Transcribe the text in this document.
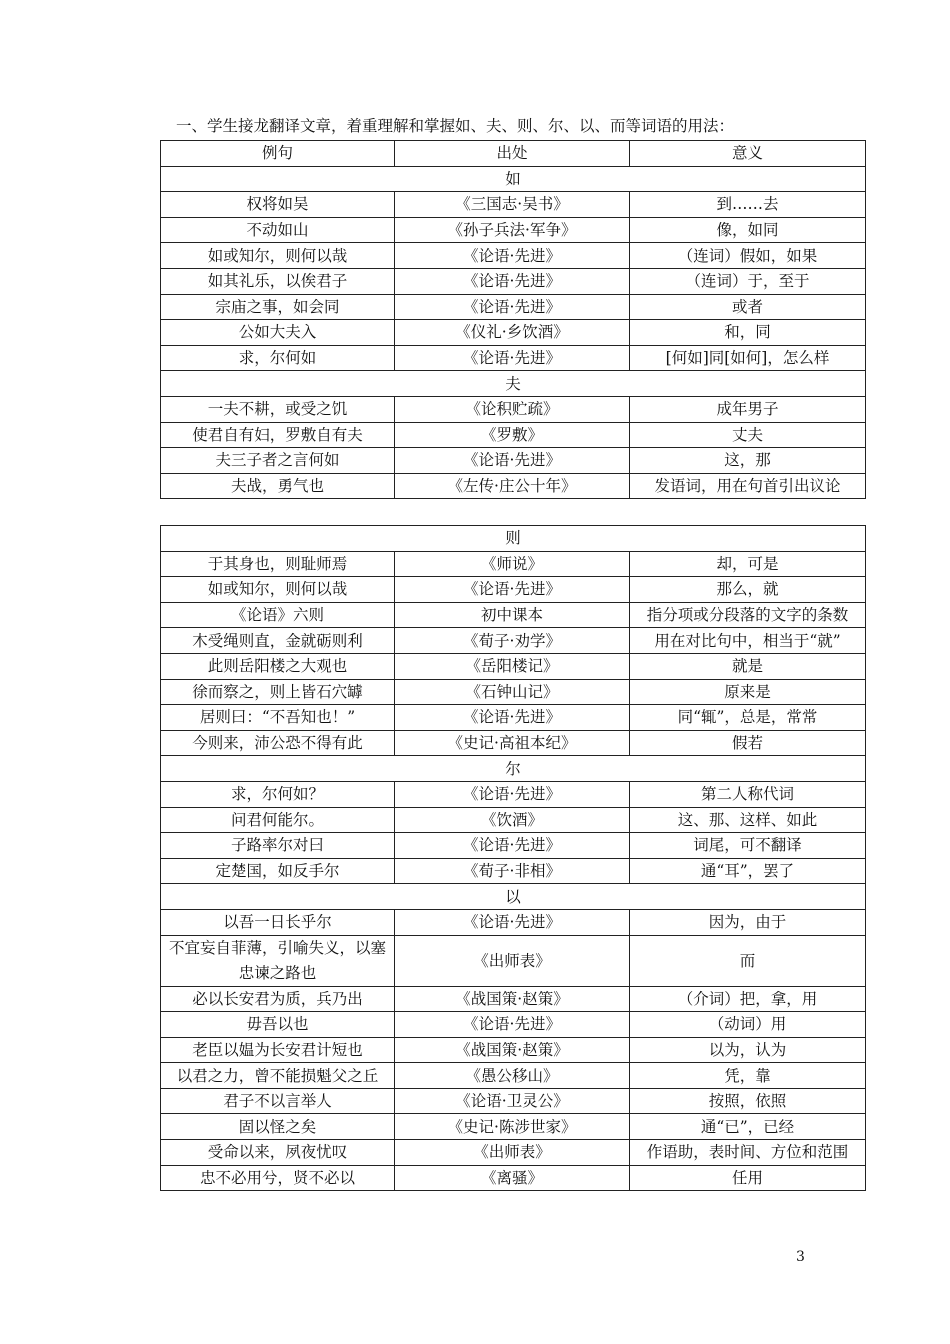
一、学生接龙翻译文章，着重理解和掌握如、夫、则、尔、以、而等词语的用法：
例句	出处	意义
如		
权将如吴	《三国志·吴书》	到……去
不动如山	《孙子兵法·军争》	像，如同
如或知尔，则何以哉	《论语·先进》	（连词）假如，如果
如其礼乐，以俟君子	《论语·先进》	（连词）于，至于
宗庙之事，如会同	《论语·先进》	或者
公如大夫入	《仪礼·乡饮酒》	和，同
求，尔何如	《论语·先进》	[何如]同[如何]，怎么样
夫		
一夫不耕，或受之饥	《论积贮疏》	成年男子
使君自有妇，罗敷自有夫	《罗敷》	丈夫
夫三子者之言何如	《论语·先进》	这，那
夫战，勇气也	《左传·庄公十年》	发语词，用在句首引出议论
则		
于其身也，则耻师焉	《师说》	却，可是
如或知尔，则何以哉	《论语·先进》	那么，就
《论语》六则	初中课本	指分项或分段落的文字的条数
木受绳则直，金就砺则利	《荀子·劝学》	用在对比句中，相当于“就”
此则岳阳楼之大观也	《岳阳楼记》	就是
徐而察之，则上皆石穴罅	《石钟山记》	原来是
居则曰：“不吾知也！”	《论语·先进》	同“辄”，总是，常常
今则来，沛公恐不得有此	《史记·高祖本纪》	假若
尔		
求，尔何如？	《论语·先进》	第二人称代词
问君何能尔。	《饮酒》	这、那、这样、如此
子路率尔对曰	《论语·先进》	词尾，可不翻译
定楚国，如反手尔	《荀子·非相》	通“耳”，罢了
以		
以吾一日长乎尔	《论语·先进》	因为，由于
不宜妄自菲薄，引喻失义，以塞忠谏之路也	《出师表》	而
必以长安君为质，兵乃出	《战国策·赵策》	（介词）把，拿，用
毋吾以也	《论语·先进》	（动词）用
老臣以媪为长安君计短也	《战国策·赵策》	以为，认为
以君之力，曾不能损魁父之丘	《愚公移山》	凭，靠
君子不以言举人	《论语·卫灵公》	按照，依照
固以怪之矣	《史记·陈涉世家》	通“已”，已经
受命以来，夙夜忧叹	《出师表》	作语助，表时间、方位和范围
忠不必用兮，贤不必以	《离骚》	任用
3
